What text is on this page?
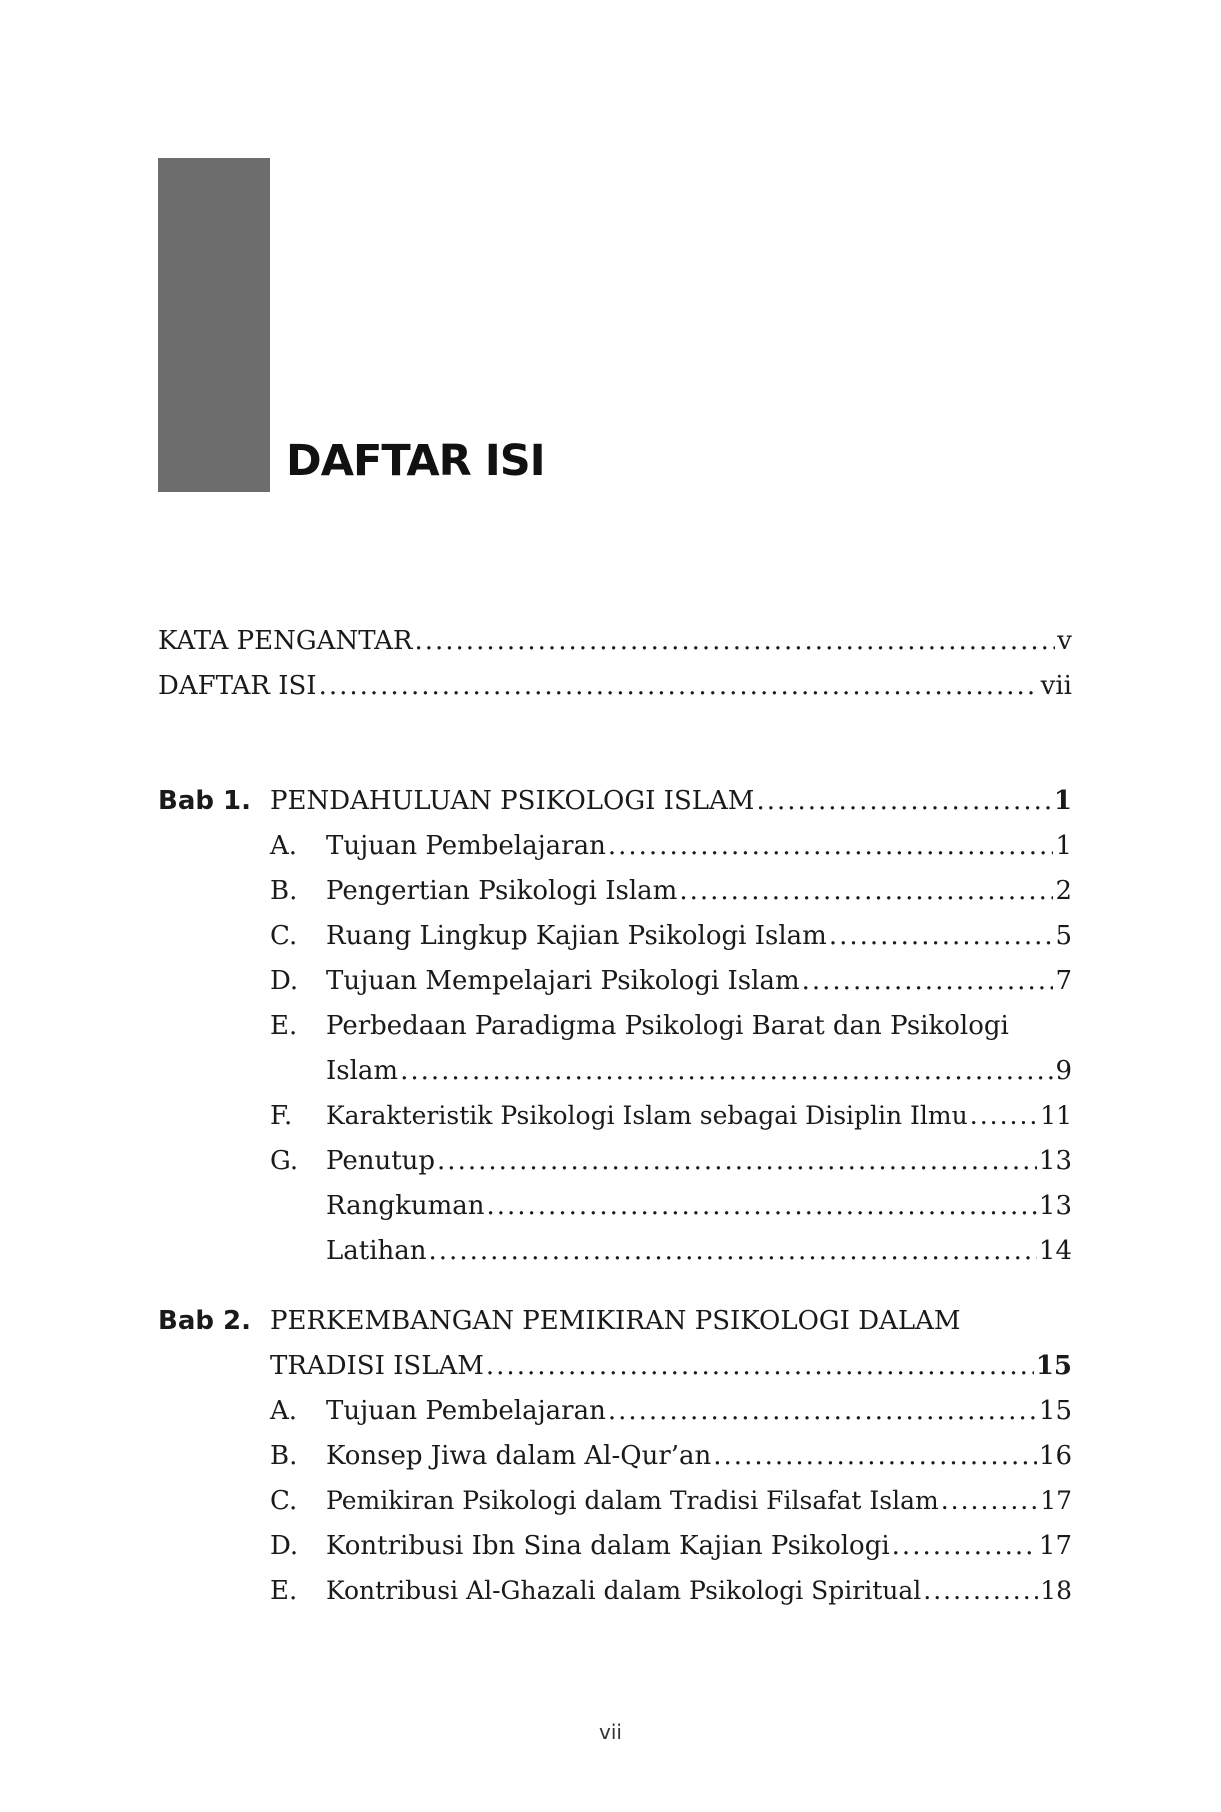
DAFTAR ISI
KATA PENGANTAR .....	v
DAFTAR ISI .....	vii
Bab 1. PENDAHULUAN PSIKOLOGI ISLAM .....	1
A. Tujuan Pembelajaran .....	1
B. Pengertian Psikologi Islam .....	2
C. Ruang Lingkup Kajian Psikologi Islam .....	5
D. Tujuan Mempelajari Psikologi Islam .....	7
E. Perbedaan Paradigma Psikologi Barat dan Psikologi
Islam .....	9
F. Karakteristik Psikologi Islam sebagai Disiplin Ilmu .....	11
G. Penutup .....	13
Rangkuman .....	13
Latihan .....	14
Bab 2. PERKEMBANGAN PEMIKIRAN PSIKOLOGI DALAM
TRADISI ISLAM .....	15
A. Tujuan Pembelajaran .....	15
B. Konsep Jiwa dalam Al-Qur’an .....	16
C. Pemikiran Psikologi dalam Tradisi Filsafat Islam .....	17
D. Kontribusi Ibn Sina dalam Kajian Psikologi .....	17
E. Kontribusi Al-Ghazali dalam Psikologi Spiritual .....	18
vii
